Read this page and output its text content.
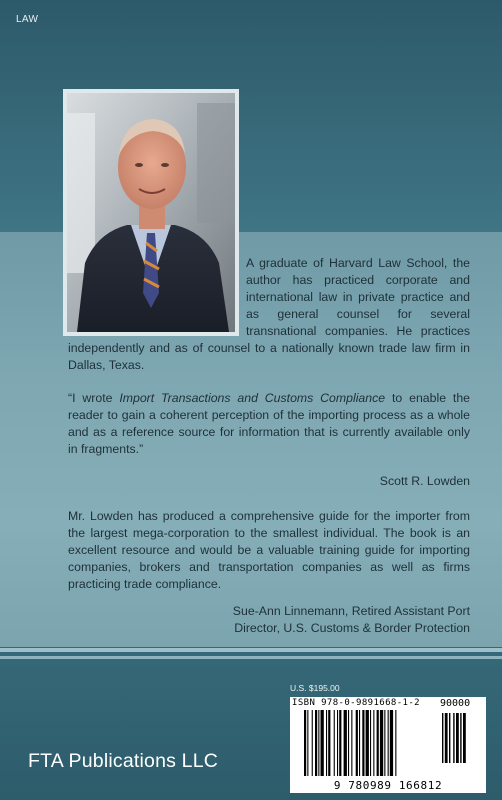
LAW

A graduate of Harvard Law School, the author has practiced corporate and international law in private practice and as general counsel for several transnational companies. He practices independently and as of counsel to a nationally known trade law firm in Dallas, Texas.

“I wrote Import Transactions and Customs Compliance to enable the reader to gain a coherent perception of the importing process as a whole and as a reference source for information that is currently available only in fragments.”

Scott R. Lowden

Mr. Lowden has produced a comprehensive guide for the importer from the largest mega-corporation to the smallest individual. The book is an excellent resource and would be a valuable training guide for importing companies, brokers and transportation companies as well as firms practicing trade compliance.

Sue-Ann Linnemann, Retired Assistant Port
Director, U.S. Customs & Border Protection
U.S. $195.00
ISBN 978-0-9891668-1-2 90000
9 780989 166812
FTA Publications LLC
